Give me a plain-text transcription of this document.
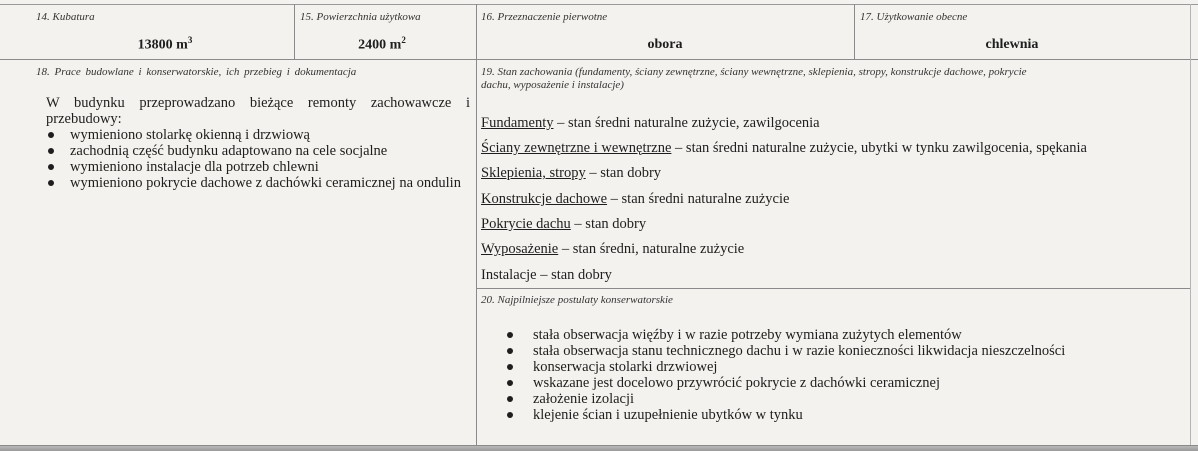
14. Kubatura
13800 $m^3$
15. Powierzchnia użytkowa
2400 $m^2$
16. Przeznaczenie pierwotne
obora
17. Użytkowanie obecne
chlewnia
18. Prace budowlane i konserwatorskie, ich przebieg i dokumentacja
W budynku przeprowadzano bieżące remonty zachowawcze i przebudowy:
wymieniono stolarkę okienną i drzwiową
zachodnią część budynku adaptowano na cele socjalne
wymieniono instalacje dla potrzeb chlewni
wymieniono pokrycie dachowe z dachówki ceramicznej na ondulin
19. Stan zachowania (fundamenty, ściany zewnętrzne, ściany wewnętrzne, sklepienia, stropy, konstrukcje dachowe, pokrycie
dachu, wyposażenie i instalacje)
Fundamenty – stan średni naturalne zużycie, zawilgocenia
Ściany zewnętrzne i wewnętrzne – stan średni naturalne zużycie, ubytki w tynku zawilgocenia, spękania
Sklepienia, stropy – stan dobry
Konstrukcje dachowe – stan średni naturalne zużycie
Pokrycie dachu – stan dobry
Wyposażenie – stan średni, naturalne zużycie
Instalacje – stan dobry
20. Najpilniejsze postulaty konserwatorskie
stała obserwacja więźby i w razie potrzeby wymiana zużytych elementów
stała obserwacja stanu technicznego dachu i w razie konieczności likwidacja nieszczelności
konserwacja stolarki drzwiowej
wskazane jest docelowo przywrócić pokrycie z dachówki ceramicznej
założenie izolacji
klejenie ścian i uzupełnienie ubytków w tynku
